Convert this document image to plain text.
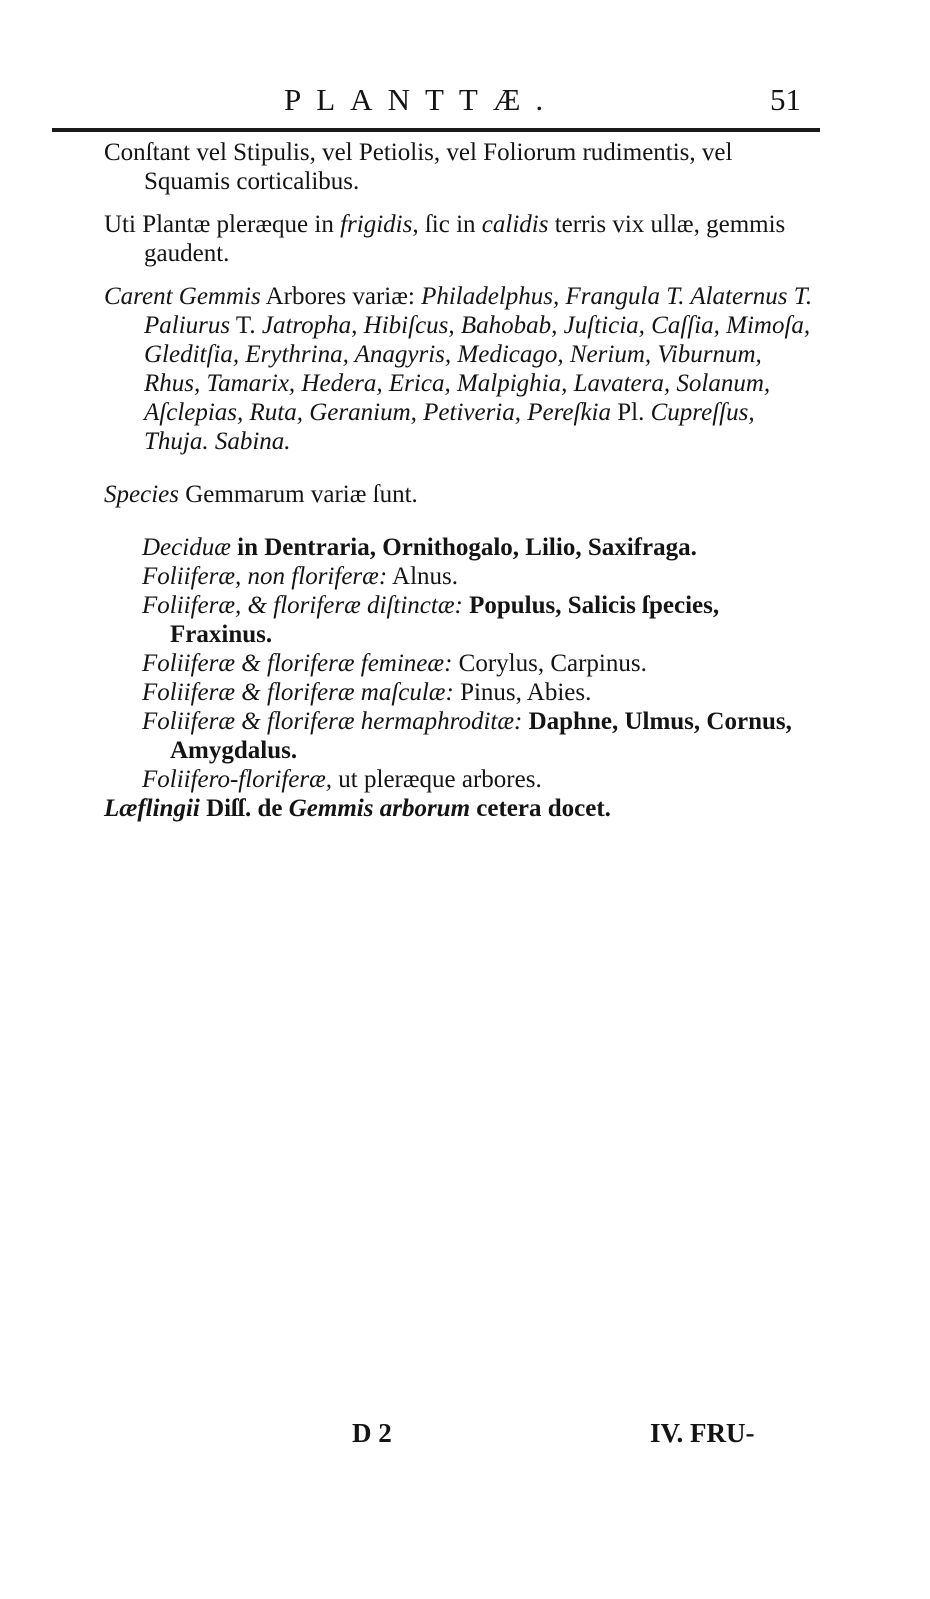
PLANTTÆ.	51

Conſtant vel Stipulis, vel Petiolis, vel Foliorum rudimentis, vel Squamis corticalibus.

Uti Plantæ pleræque in frigidis, ſic in calidis terris vix ullæ, gemmis gaudent.

Carent Gemmis Arbores variæ: Philadelphus, Frangula T. Alaternus T. Paliurus T. Jatropha, Hibiſcus, Bahobab, Juſticia, Caſſia, Mimoſa, Gleditſia, Erythrina, Anagyris, Medicago, Nerium, Viburnum, Rhus, Tamarix, Hedera, Erica, Malpighia, Lavatera, Solanum, Aſclepias, Ruta, Geranium, Petiveria, Pereſkia Pl. Cupreſſus, Thuja. Sabina.

Species Gemmarum variæ ſunt.

Deciduæ in Dentraria, Ornithogalo, Lilio, Saxifraga.

Foliiferæ, non floriferæ: Alnus.

Foliiferæ, & floriferæ diſtinctæ: Populus, Salicis ſpecies, Fraxinus.

Foliiferæ & floriferæ femineæ: Corylus, Carpinus.

Foliiferæ & floriferæ maſculæ: Pinus, Abies.

Foliiferæ & floriferæ hermaphroditæ: Daphne, Ulmus, Cornus, Amygdalus.

Foliifero-floriferæ, ut pleræque arbores.

Læflingii Diſſ. de Gemmis arborum cetera docet.

D 2	IV. FRU-
